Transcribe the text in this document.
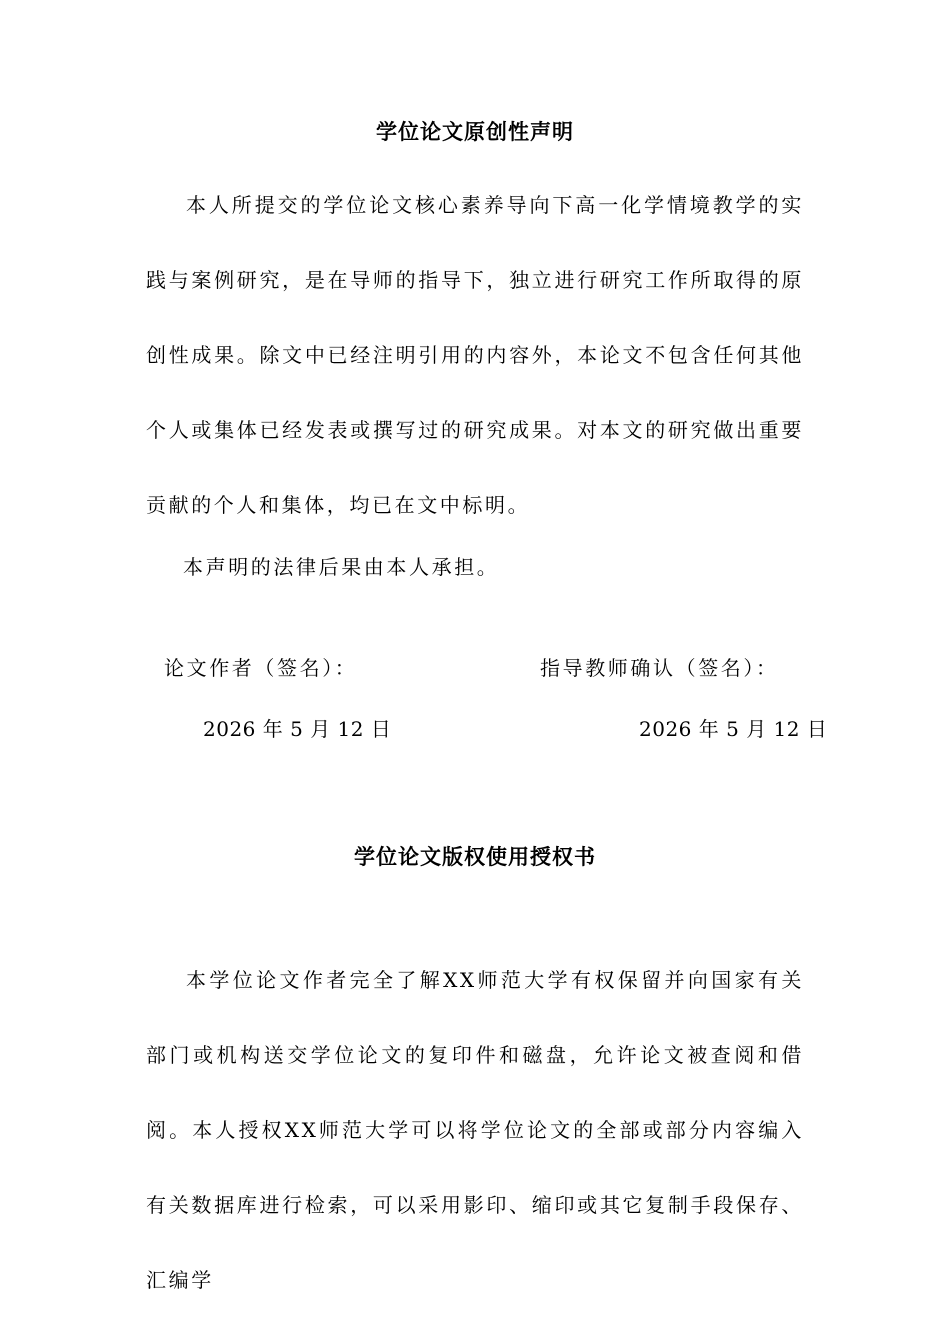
学位论文原创性声明

本人所提交的学位论文核心素养导向下高一化学情境教学的实践与案例研究，是在导师的指导下，独立进行研究工作所取得的原创性成果。除文中已经注明引用的内容外，本论文不包含任何其他个人或集体已经发表或撰写过的研究成果。对本文的研究做出重要贡献的个人和集体，均已在文中标明。

本声明的法律后果由本人承担。

论文作者（签名）：	指导教师确认（签名）：
2026 年 5 月 12 日	2026 年 5 月 12 日
学位论文版权使用授权书

本学位论文作者完全了解XX师范大学有权保留并向国家有关部门或机构送交学位论文的复印件和磁盘，允许论文被查阅和借阅。本人授权XX师范大学可以将学位论文的全部或部分内容编入有关数据库进行检索，可以采用影印、缩印或其它复制手段保存、汇编学
